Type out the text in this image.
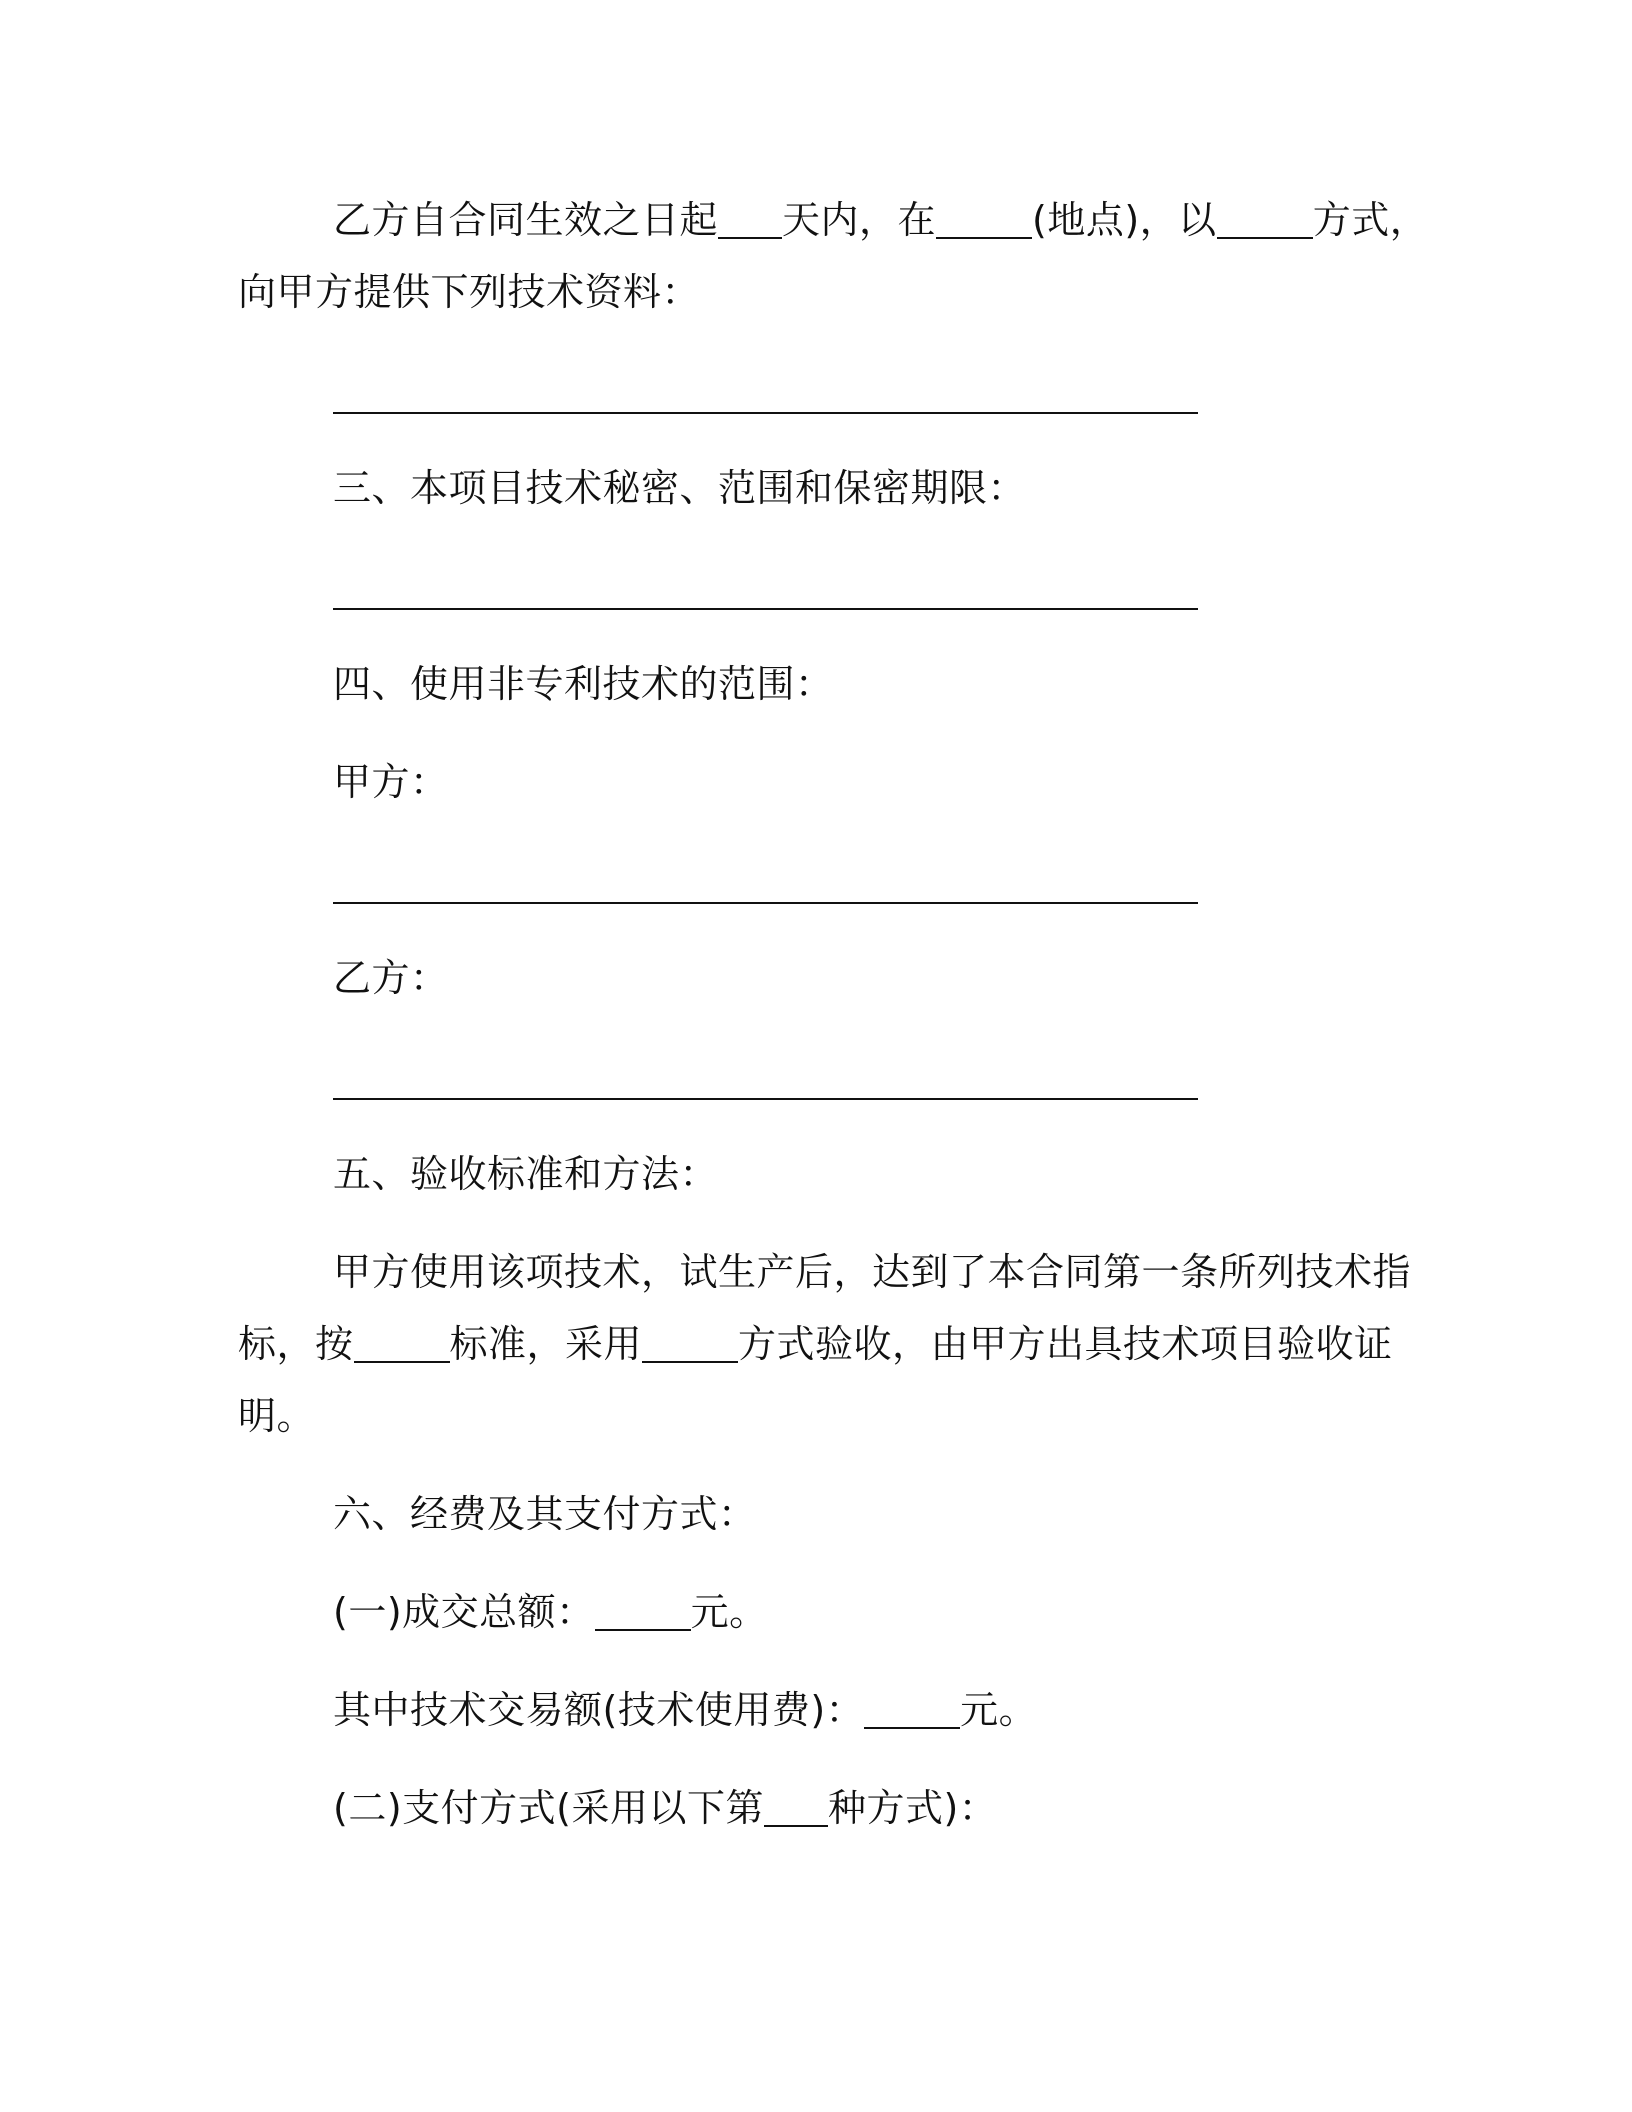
乙方自合同生效之日起 天内，在	(地点)，以	方式，
向甲方提供下列技术资料：
三、本项目技术秘密、范围和保密期限：
四、使用非专利技术的范围：
甲方：
乙方：
五、验收标准和方法：
甲方使用该项技术，试生产后，达到了本合同第一条所列技术指
标，按	标准，采用	方式验收，由甲方出具技术项目验收证
明。
六、经费及其支付方式：
(一)成交总额：	元。
其中技术交易额(技术使用费)：	元。
(二)支付方式(采用以下第 种方式)：
